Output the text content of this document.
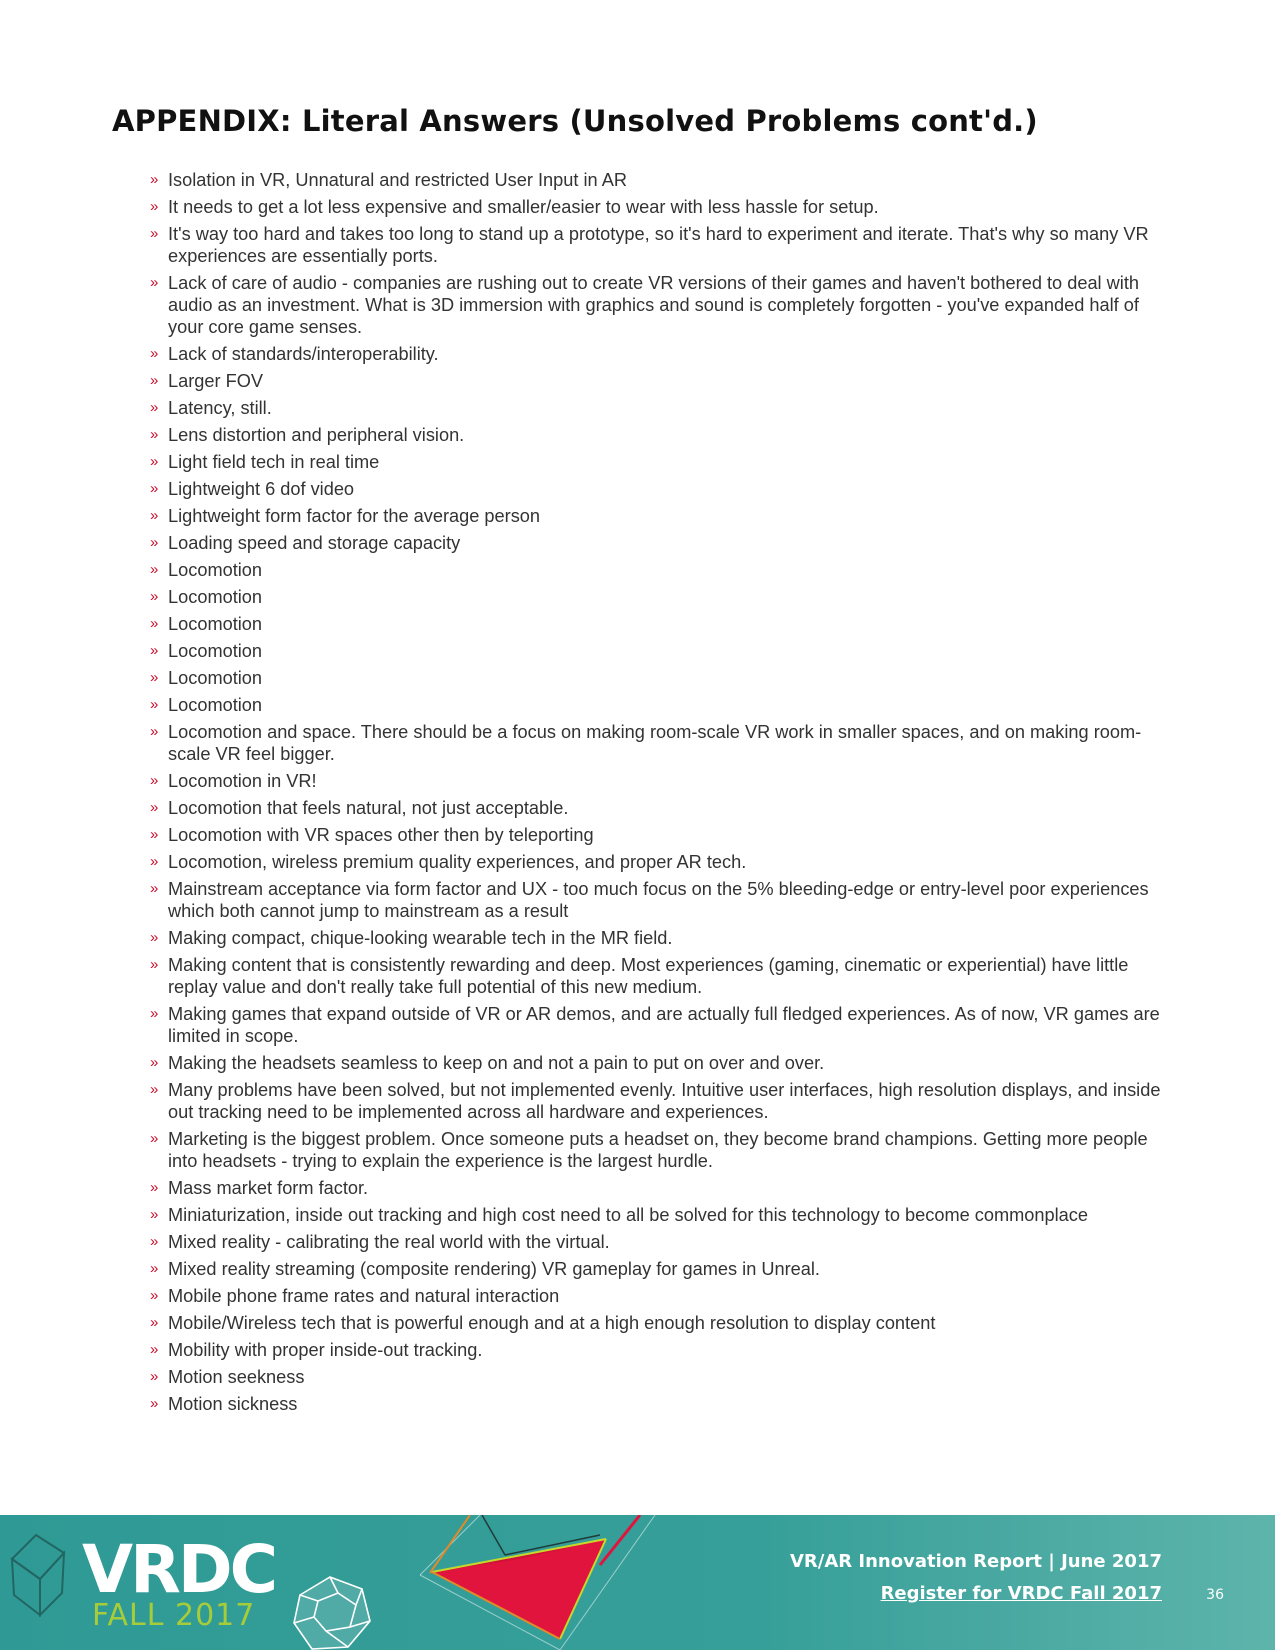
APPENDIX: Literal Answers (Unsolved Problems cont'd.)
» Isolation in VR, Unnatural and restricted User Input in AR
» It needs to get a lot less expensive and smaller/easier to wear with less hassle for setup.
» It's way too hard and takes too long to stand up a prototype, so it's hard to experiment and iterate. That's why so many VR experiences are essentially ports.
» Lack of care of audio - companies are rushing out to create VR versions of their games and haven't bothered to deal with audio as an investment. What is 3D immersion with graphics and sound is completely forgotten - you've expanded half of your core game senses.
» Lack of standards/interoperability.
» Larger FOV
» Latency, still.
» Lens distortion and peripheral vision.
» Light field tech in real time
» Lightweight 6 dof video
» Lightweight form factor for the average person
» Loading speed and storage capacity
» Locomotion
» Locomotion
» Locomotion
» Locomotion
» Locomotion
» Locomotion
» Locomotion and space. There should be a focus on making room-scale VR work in smaller spaces, and on making room-scale VR feel bigger.
» Locomotion in VR!
» Locomotion that feels natural, not just acceptable.
» Locomotion with VR spaces other then by teleporting
» Locomotion, wireless premium quality experiences, and proper AR tech.
» Mainstream acceptance via form factor and UX - too much focus on the 5% bleeding-edge or entry-level poor experiences which both cannot jump to mainstream as a result
» Making compact, chique-looking wearable tech in the MR field.
» Making content that is consistently rewarding and deep. Most experiences (gaming, cinematic or experiential) have little replay value and don't really take full potential of this new medium.
» Making games that expand outside of VR or AR demos, and are actually full fledged experiences. As of now, VR games are limited in scope.
» Making the headsets seamless to keep on and not a pain to put on over and over.
» Many problems have been solved, but not implemented evenly. Intuitive user interfaces, high resolution displays, and inside out tracking need to be implemented across all hardware and experiences.
» Marketing is the biggest problem. Once someone puts a headset on, they become brand champions. Getting more people into headsets - trying to explain the experience is the largest hurdle.
» Mass market form factor.
» Miniaturization, inside out tracking and high cost need to all be solved for this technology to become commonplace
» Mixed reality - calibrating the real world with the virtual.
» Mixed reality streaming (composite rendering) VR gameplay for games in Unreal.
» Mobile phone frame rates and natural interaction
» Mobile/Wireless tech that is powerful enough and at a high enough resolution to display content
» Mobility with proper inside-out tracking.
» Motion seekness
» Motion sickness
VRDC
FALL 2017
VR/AR Innovation Report | June 2017
Register for VRDC Fall 2017	36
